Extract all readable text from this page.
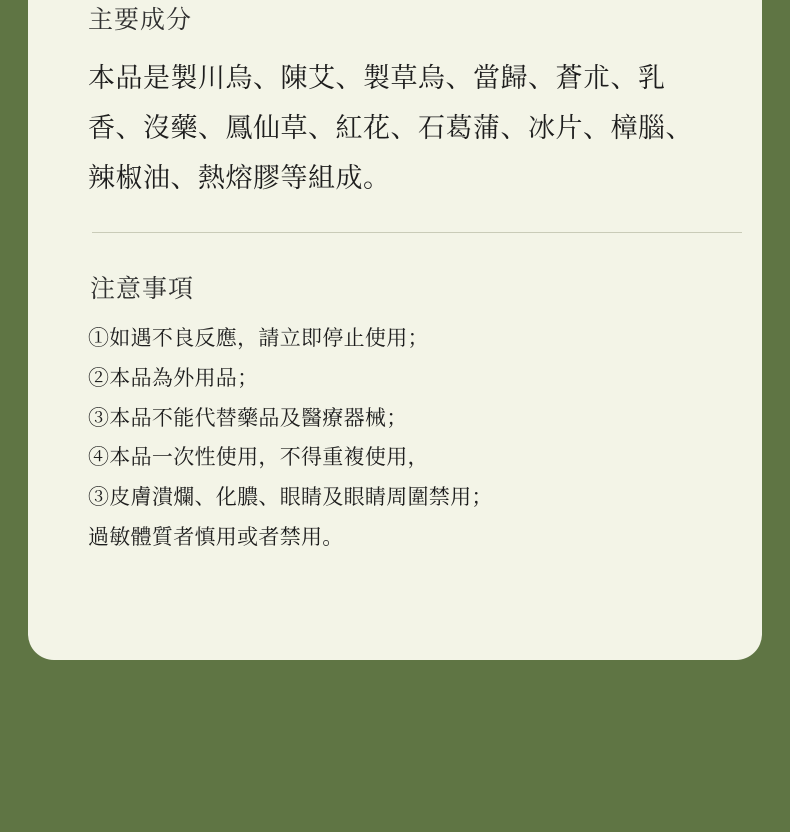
主要成分

本品是製川烏、陳艾、製草烏、當歸、蒼朮、乳香、沒藥、鳳仙草、紅花、石葛蒲、冰片、樟腦、辣椒油、熱熔膠等組成。

注意事項

①如遇不良反應，請立即停止使用；

②本品為外用品；

③本品不能代替藥品及醫療器械；

④本品一次性使用，不得重複使用，

③皮膚潰爛、化膿、眼睛及眼睛周圍禁用；

過敏體質者慎用或者禁用。
